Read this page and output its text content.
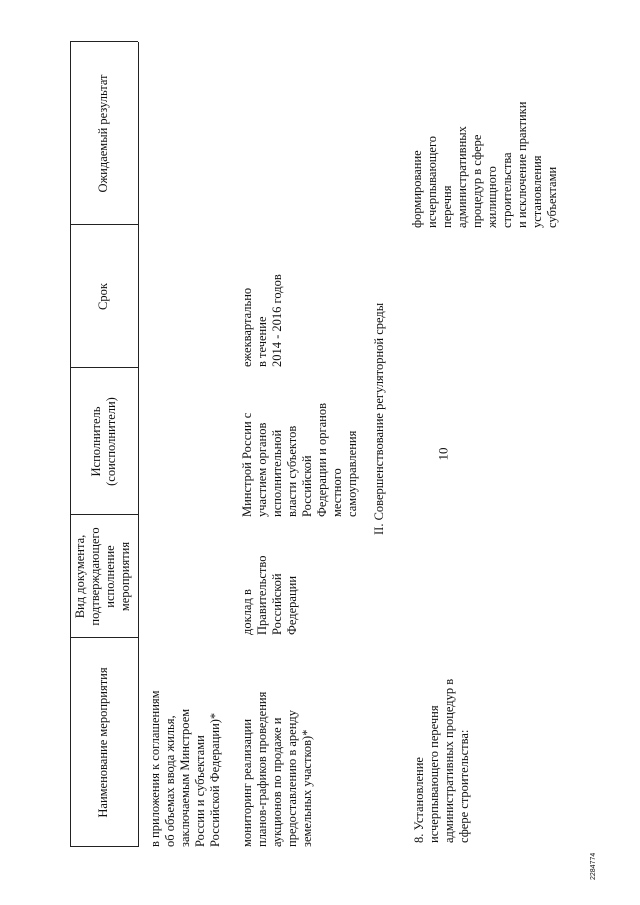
10
2284774
Наименование мероприятия
Вид документа, подтверждающего исполнение мероприятия
Исполнитель (соисполнители)
Срок
Ожидаемый результат
в приложения к соглашениям об объемах ввода жилья, заключаемым Минстроем России и субъектами Российской Федерации)* мониторинг реализации планов-графиков проведения аукционов по продаже и предоставлению в аренду земельных участков)*
доклад в Правительство Российской Федерации
Минстрой России с участием органов исполнительной власти субъектов Российской Федерации и органов местного самоуправления
ежеквартально в течение 2014 - 2016 годов	II. Совершенствование регуляторной среды
8. Установление исчерпывающего перечня административных процедур в сфере строительства:
формирование исчерпывающего перечня административных процедур в сфере жилищного строительства и исключение практики установления субъектами
